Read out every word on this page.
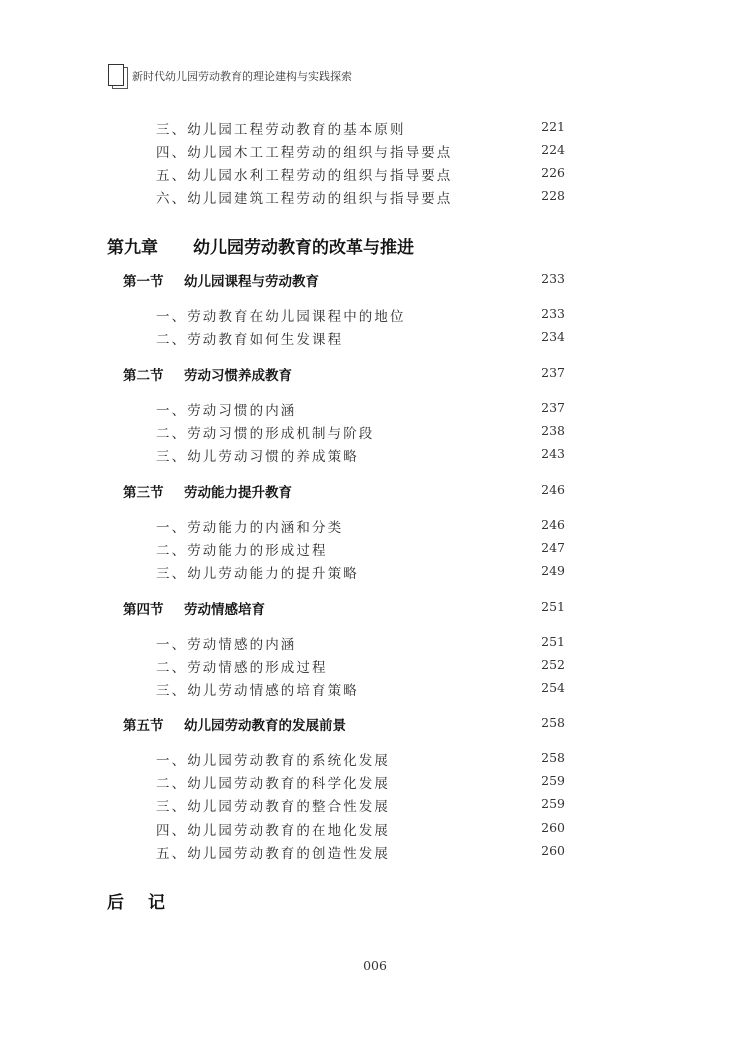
新时代幼儿园劳动教育的理论建构与实践探索
三、幼儿园工程劳动教育的基本原则	221
四、幼儿园木工工程劳动的组织与指导要点	224
五、幼儿园水利工程劳动的组织与指导要点	226
六、幼儿园建筑工程劳动的组织与指导要点	228
第九章 幼儿园劳动教育的改革与推进
第一节 幼儿园课程与劳动教育	233
一、劳动教育在幼儿园课程中的地位	233
二、劳动教育如何生发课程	234
第二节 劳动习惯养成教育	237
一、劳动习惯的内涵	237
二、劳动习惯的形成机制与阶段	238
三、幼儿劳动习惯的养成策略	243
第三节 劳动能力提升教育	246
一、劳动能力的内涵和分类	246
二、劳动能力的形成过程	247
三、幼儿劳动能力的提升策略	249
第四节 劳动情感培育	251
一、劳动情感的内涵	251
二、劳动情感的形成过程	252
三、幼儿劳动情感的培育策略	254
第五节 幼儿园劳动教育的发展前景	258
一、幼儿园劳动教育的系统化发展	258
二、幼儿园劳动教育的科学化发展	259
三、幼儿园劳动教育的整合性发展	259
四、幼儿园劳动教育的在地化发展	260
五、幼儿园劳动教育的创造性发展	260
后记
006
